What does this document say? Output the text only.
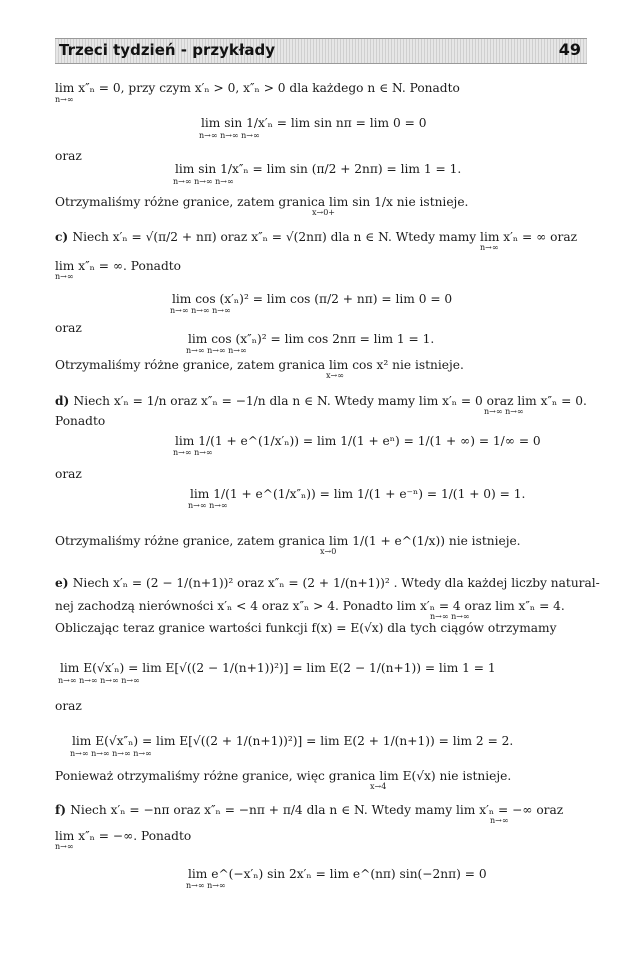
Trzeci tydzień - przykłady	49
lim x″ₙ = 0, przy czym x′ₙ > 0, x″ₙ > 0 dla każdego n ∈ N. Ponadto
n→∞
lim sin 1/x′ₙ = lim sin nπ = lim 0 = 0
n→∞ n→∞ n→∞
oraz
lim sin 1/x″ₙ = lim sin (π/2 + 2nπ) = lim 1 = 1.
n→∞ n→∞ n→∞
Otrzymaliśmy różne granice, zatem granica lim sin 1/x nie istnieje.
x→0+
c) Niech x′ₙ = √(π/2 + nπ) oraz x″ₙ = √(2nπ) dla n ∈ N. Wtedy mamy lim x′ₙ = ∞ oraz
n→∞
lim x″ₙ = ∞. Ponadto
n→∞
lim cos (x′ₙ)² = lim cos (π/2 + nπ) = lim 0 = 0
n→∞ n→∞ n→∞
oraz
lim cos (x″ₙ)² = lim cos 2nπ = lim 1 = 1.
n→∞ n→∞ n→∞
Otrzymaliśmy różne granice, zatem granica lim cos x² nie istnieje.
x→∞
d) Niech x′ₙ = 1/n oraz x″ₙ = −1/n dla n ∈ N. Wtedy mamy lim x′ₙ = 0 oraz lim x″ₙ = 0.
n→∞ n→∞
Ponadto
lim 1/(1 + e^(1/x′ₙ)) = lim 1/(1 + eⁿ) = 1/(1 + ∞) = 1/∞ = 0
n→∞ n→∞
oraz
lim 1/(1 + e^(1/x″ₙ)) = lim 1/(1 + e⁻ⁿ) = 1/(1 + 0) = 1.
n→∞ n→∞
Otrzymaliśmy różne granice, zatem granica lim 1/(1 + e^(1/x)) nie istnieje.
x→0
e) Niech x′ₙ = (2 − 1/(n+1))² oraz x″ₙ = (2 + 1/(n+1))² . Wtedy dla każdej liczby natural-
nej zachodzą nierówności x′ₙ < 4 oraz x″ₙ > 4. Ponadto lim x′ₙ = 4 oraz lim x″ₙ = 4.
n→∞ n→∞
Obliczając teraz granice wartości funkcji f(x) = E(√x) dla tych ciągów otrzymamy
lim E(√x′ₙ) = lim E[√((2 − 1/(n+1))²)] = lim E(2 − 1/(n+1)) = lim 1 = 1
n→∞ n→∞ n→∞ n→∞
oraz
lim E(√x″ₙ) = lim E[√((2 + 1/(n+1))²)] = lim E(2 + 1/(n+1)) = lim 2 = 2.
n→∞ n→∞ n→∞ n→∞
Ponieważ otrzymaliśmy różne granice, więc granica lim E(√x) nie istnieje.
x→4
f) Niech x′ₙ = −nπ oraz x″ₙ = −nπ + π/4 dla n ∈ N. Wtedy mamy lim x′ₙ = −∞ oraz
n→∞
lim x″ₙ = −∞. Ponadto
n→∞
lim e^(−x′ₙ) sin 2x′ₙ = lim e^(nπ) sin(−2nπ) = 0
n→∞ n→∞
